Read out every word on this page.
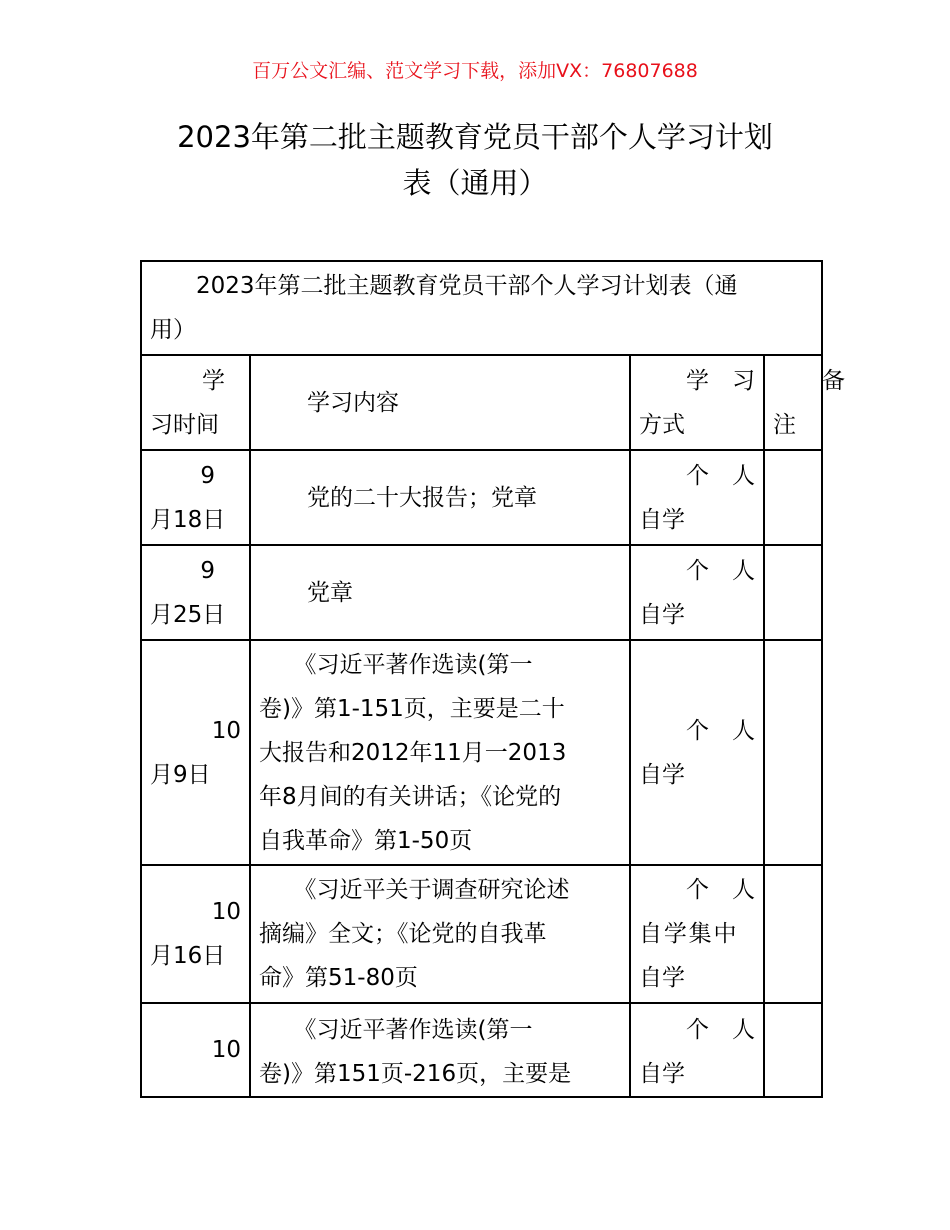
百万公文汇编、范文学习下载，添加VX：76807688
2023年第二批主题教育党员干部个人学习计划
表（通用）
　　2023年第二批主题教育党员干部个人学习计划表（通
用）			

学
习时间	学习内容	学　习
方式	　备
注

9
月18日	党的二十大报告；党章	个　人
自学	

9
月25日	党章	个　人
自学	

10
月9日	　　《习近平著作选读(第一
卷)》第1-151页，主要是二十
大报告和2012年11月一2013
年8月间的有关讲话；《论党的
自我革命》第1-50页	个　人
自学	

10
月16日	　　《习近平关于调查研究论述
摘编》全文；《论党的自我革
命》第51-80页	个　人
自学集中
自学	

10	　　《习近平著作选读(第一
卷)》第151页-216页，主要是	个　人
自学	
